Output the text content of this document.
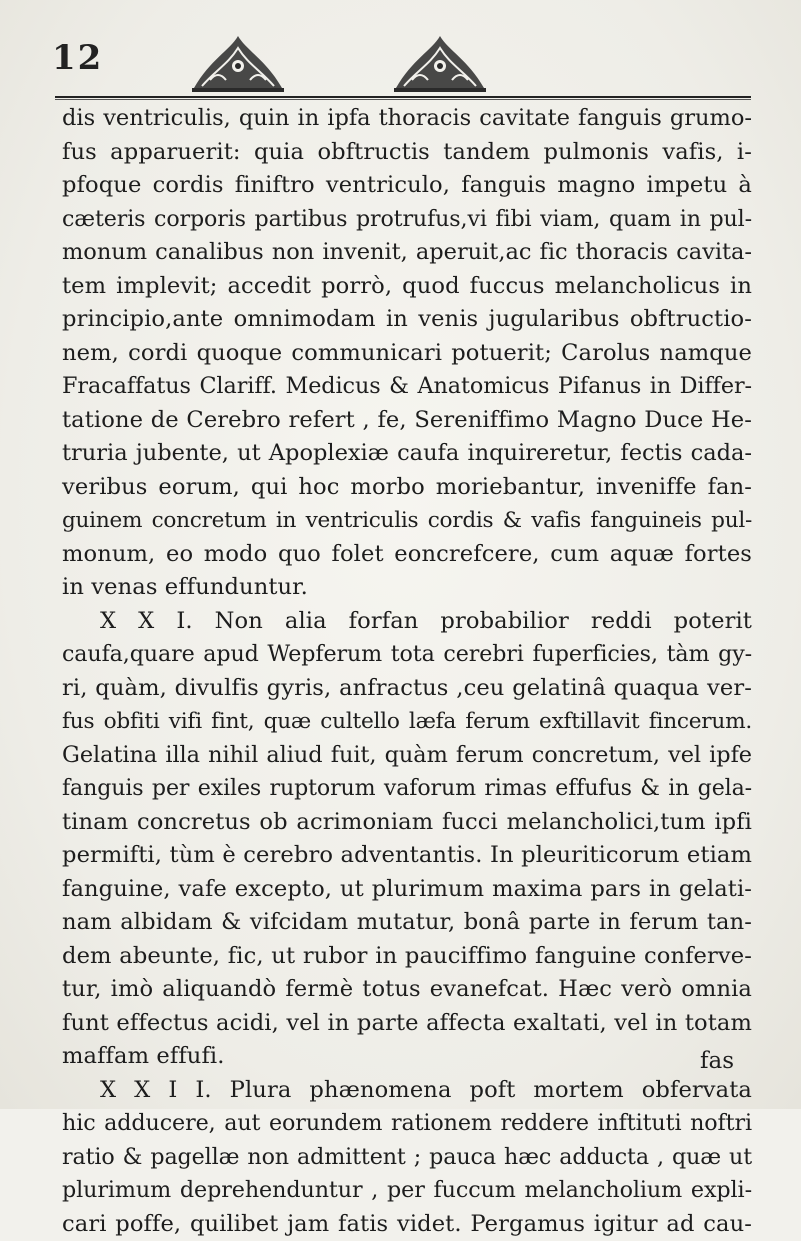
12
dis ventriculis, quin in ipfa thoracis cavitate fanguis grumo-
fus apparuerit: quia obftructis tandem pulmonis vafis, i-
pfoque cordis finiftro ventriculo, fanguis magno impetu à
cæteris corporis partibus protrufus,vi fibi viam, quam in pul-
monum canalibus non invenit, aperuit,ac fic thoracis cavita-
tem implevit; accedit porrò, quod fuccus melancholicus in
principio,ante omnimodam in venis jugularibus obftructio-
nem, cordi quoque communicari potuerit; Carolus namque
Fracaffatus Clariff. Medicus & Anatomicus Pifanus in Differ-
tatione de Cerebro refert , fe, Sereniffimo Magno Duce He-
truria jubente, ut Apoplexiæ caufa inquireretur, fectis cada-
veribus eorum, qui hoc morbo moriebantur, inveniffe fan-
guinem concretum in ventriculis cordis & vafis fanguineis pul-
monum, eo modo quo folet eoncrefcere, cum aquæ fortes
in venas effunduntur.
X X I. Non alia forfan probabilior reddi poterit
caufa,quare apud Wepferum tota cerebri fuperficies, tàm gy-
ri, quàm, divulfis gyris, anfractus ,ceu gelatinâ quaqua ver-
fus obfiti vifi fint, quæ cultello læfa ferum exftillavit fincerum.
Gelatina illa nihil aliud fuit, quàm ferum concretum, vel ipfe
fanguis per exiles ruptorum vaforum rimas effufus & in gela-
tinam concretus ob acrimoniam fucci melancholici,tum ipfi
permifti, tùm è cerebro adventantis. In pleuriticorum etiam
fanguine, vafe excepto, ut plurimum maxima pars in gelati-
nam albidam & vifcidam mutatur, bonâ parte in ferum tan-
dem abeunte, fic, ut rubor in pauciffimo fanguine conferve-
tur, imò aliquandò fermè totus evanefcat. Hæc verò omnia
funt effectus acidi, vel in parte affecta exaltati, vel in totam
maffam effufi.
X X I I. Plura phænomena poft mortem obfervata
hic adducere, aut eorundem rationem reddere inftituti noftri
ratio & pagellæ non admittent ; pauca hæc adducta , quæ ut
plurimum deprehenduntur , per fuccum melancholium expli-
cari poffe, quilibet jam fatis videt. Pergamus igitur ad cau-
fas
